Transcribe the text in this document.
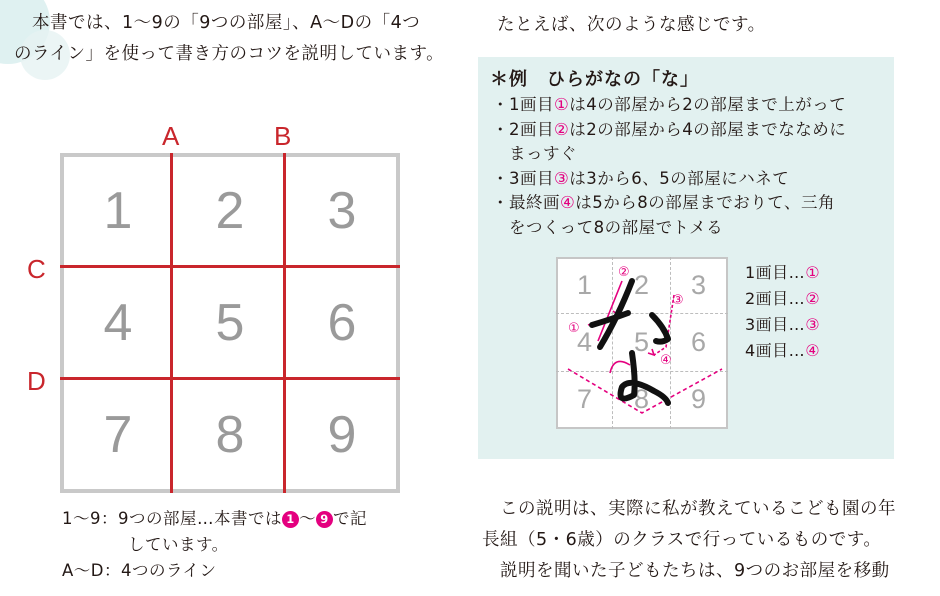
　本書では、1～9の「9つの部屋」、A～Dの「4つ

のライン」を使って書き方のコツを説明しています。

A	B
C
D
1	2	3
4	5	6
7	8	9
1～9：9つの部屋…本書では 1 ～ 9 で記
しています。
A～D：4つのライン
たとえば、次のような感じです。
＊例　ひらがなの「な」
・1画目①は4の部屋から2の部屋まで上がって
・2画目②は2の部屋から4の部屋までななめに
　まっすぐ
・3画目③は3から6、5の部屋にハネて
・最終画④は5から8の部屋までおりて、三角
　をつくって8の部屋でトメる
1	2	3
4	5	6
7	8	9
②
③
①
④
1画目…①
2画目…②
3画目…③
4画目…④

　この説明は、実際に私が教えているこども園の年

長組（5・6歳）のクラスで行っているものです。

　説明を聞いた子どもたちは、9つのお部屋を移動
